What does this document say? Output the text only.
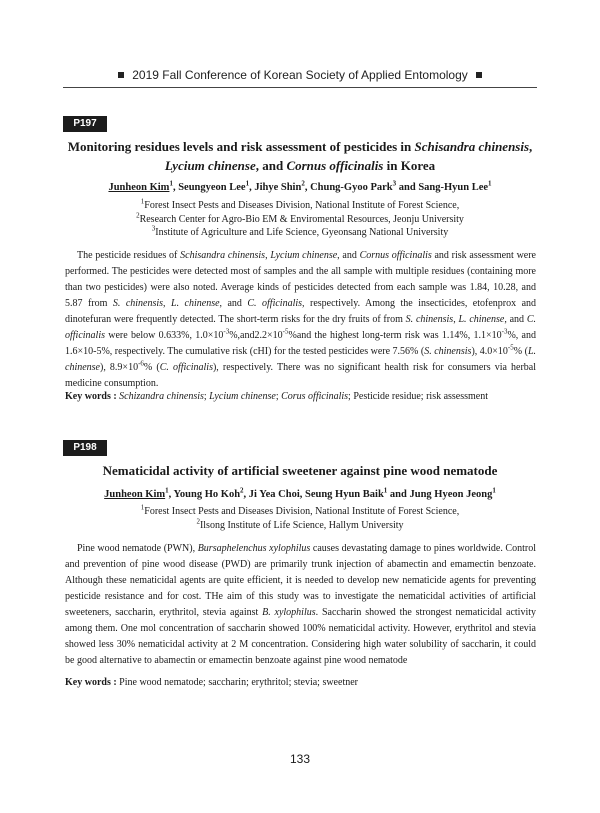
2019 Fall Conference of Korean Society of Applied Entomology
P197
Monitoring residues levels and risk assessment of pesticides in Schisandra chinensis,
Lycium chinense, and Cornus officinalis in Korea
Junheon Kim$^1$, Seungyeon Lee$^1$, Jihye Shin$^2$, Chung-Gyoo Park$^3$ and Sang-Hyun Lee$^1$
$^1$Forest Insect Pests and Diseases Division, National Institute of Forest Science,
$^2$Research Center for Agro-Bio EM & Enviromental Resources, Jeonju University
$^3$Institute of Agriculture and Life Science, Gyeonsang National University
The pesticide residues of Schisandra chinensis, Lycium chinense, and Cornus officinalis and risk assessment were performed. The pesticides were detected most of samples and the all sample with multiple residues (containing more than two pesticides) were also noted. Average kinds of pesticides detected from each sample was 1.84, 10.28, and 5.87 from S. chinensis, L. chinense, and C. officinalis, respectively. Among the insecticides, etofenprox and dinotefuran were frequently detected. The short-term risks for the dry fruits of from S. chinensis, L. chinense, and C. officinalis were below 0.633%, $1.0\times 10^{-3}\%,and2.2\times 10^{-5}\%and$ the highest long-term risk was 1.14%, $1.1\times 10^{-3}\%$, and 1.6×10-5%, respectively. The cumulative risk (cHI) for the tested pesticides were 7.56% (S. chinensis), $4.0\times 10^{-5}\%$ (L. chinense), $8.9\times 10^{-6}\%$ (C. officinalis), respectively. There was no significant health risk for consumers via herbal medicine consumption.
Key words : Schizandra chinensis; Lycium chinense; Corus officinalis; Pesticide residue; risk assessment
P198
Nematicidal activity of artificial sweetener against pine wood nematode
Junheon Kim$^1$, Young Ho Koh$^2$, Ji Yea Choi, Seung Hyun Baik$^1$ and Jung Hyeon Jeong$^1$
$^1$Forest Insect Pests and Diseases Division, National Institute of Forest Science,
$^2$Ilsong Institute of Life Science, Hallym University
Pine wood nematode (PWN), Bursaphelenchus xylophilus causes devastating damage to pines worldwide. Control and prevention of pine wood disease (PWD) are primarily trunk injection of abamectin and emamectin benzoate. Although these nematicidal agents are quite efficient, it is needed to develop new nematicide agents for preventing pesticide resistance and for cost. THe aim of this study was to investigate the nematicidal activities of artificial sweeteners, saccharin, erythritol, stevia against B. xylophilus. Saccharin showed the strongest nematicidal activity among them. One mol concentration of saccharin showed 100% nematicidal activity. However, erythritol and stevia showed less 30% nematicidal activity at 2 M concentration. Considering high water solubility of saccharin, it could be good alternative to abamectin or emamectin benzoate against pine wood nematode
Key words : Pine wood nematode; saccharin; erythritol; stevia; sweetner
133
